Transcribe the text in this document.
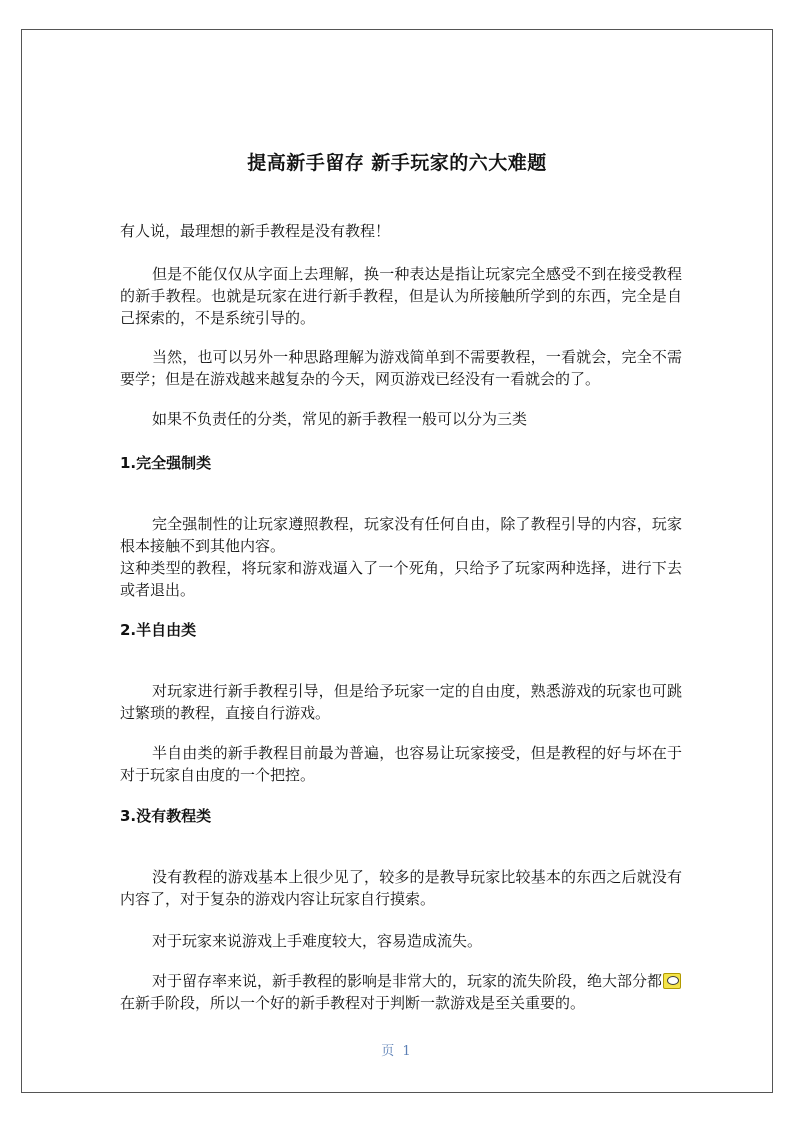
提高新手留存 新手玩家的六大难题
有人说，最理想的新手教程是没有教程！
但是不能仅仅从字面上去理解，换一种表达是指让玩家完全感受不到在接受教程的新手教程。也就是玩家在进行新手教程，但是认为所接触所学到的东西，完全是自己探索的，不是系统引导的。
当然，也可以另外一种思路理解为游戏简单到不需要教程，一看就会，完全不需要学；但是在游戏越来越复杂的今天，网页游戏已经没有一看就会的了。
如果不负责任的分类，常见的新手教程一般可以分为三类
1.完全强制类
完全强制性的让玩家遵照教程，玩家没有任何自由，除了教程引导的内容，玩家根本接触不到其他内容。
这种类型的教程，将玩家和游戏逼入了一个死角，只给予了玩家两种选择，进行下去或者退出。
2.半自由类
对玩家进行新手教程引导，但是给予玩家一定的自由度，熟悉游戏的玩家也可跳过繁琐的教程，直接自行游戏。
半自由类的新手教程目前最为普遍，也容易让玩家接受，但是教程的好与坏在于对于玩家自由度的一个把控。
3.没有教程类
没有教程的游戏基本上很少见了，较多的是教导玩家比较基本的东西之后就没有内容了，对于复杂的游戏内容让玩家自行摸索。
对于玩家来说游戏上手难度较大，容易造成流失。
对于留存率来说，新手教程的影响是非常大的，玩家的流失阶段，绝大部分都在新手阶段，所以一个好的新手教程对于判断一款游戏是至关重要的。
页 1
